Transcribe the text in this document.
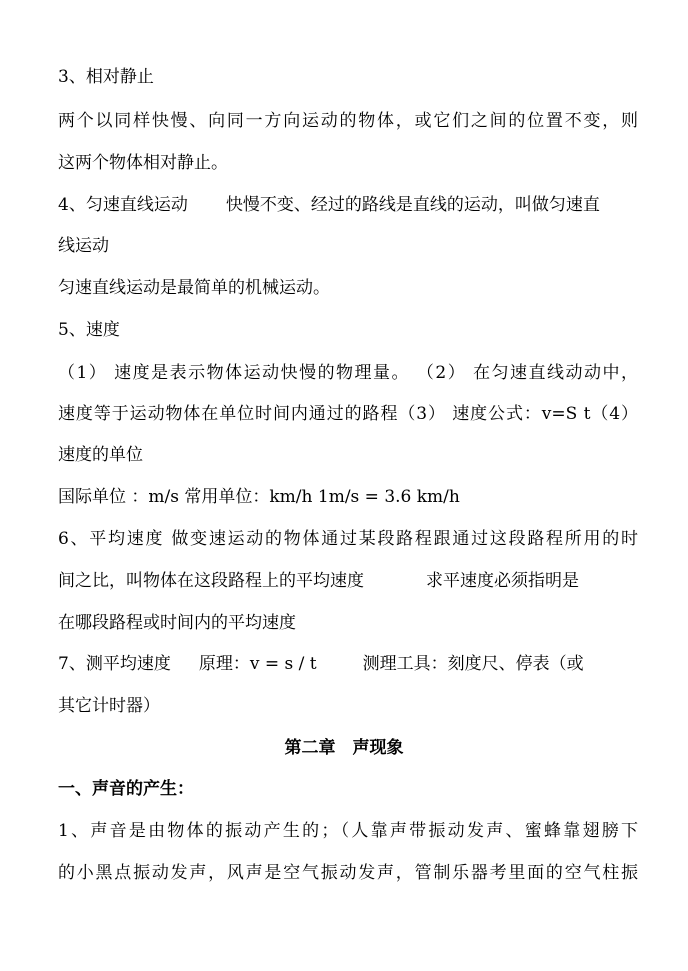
3、相对静止
两个以同样快慢、向同一方向运动的物体，或它们之间的位置不变，则
这两个物体相对静止。
4、匀速直线运动 快慢不变、经过的路线是直线的运动，叫做匀速直
线运动
匀速直线运动是最简单的机械运动。
5、速度
（1） 速度是表示物体运动快慢的物理量。 （2） 在匀速直线动动中，
速度等于运动物体在单位时间内通过的路程（3） 速度公式：v=S t（4）
速度的单位
国际单位 ：m/s 常用单位：km/h 1m/s = 3.6 km/h
6、平均速度 做变速运动的物体通过某段路程跟通过这段路程所用的时
间之比，叫物体在这段路程上的平均速度	求平速度必须指明是
在哪段路程或时间内的平均速度
7、测平均速度 原理：v = s / t	测理工具：刻度尺、停表（或
其它计时器）
第二章　声现象
一、声音的产生：
1、声音是由物体的振动产生的；（人靠声带振动发声、蜜蜂靠翅膀下
的小黑点振动发声，风声是空气振动发声，管制乐器考里面的空气柱振
